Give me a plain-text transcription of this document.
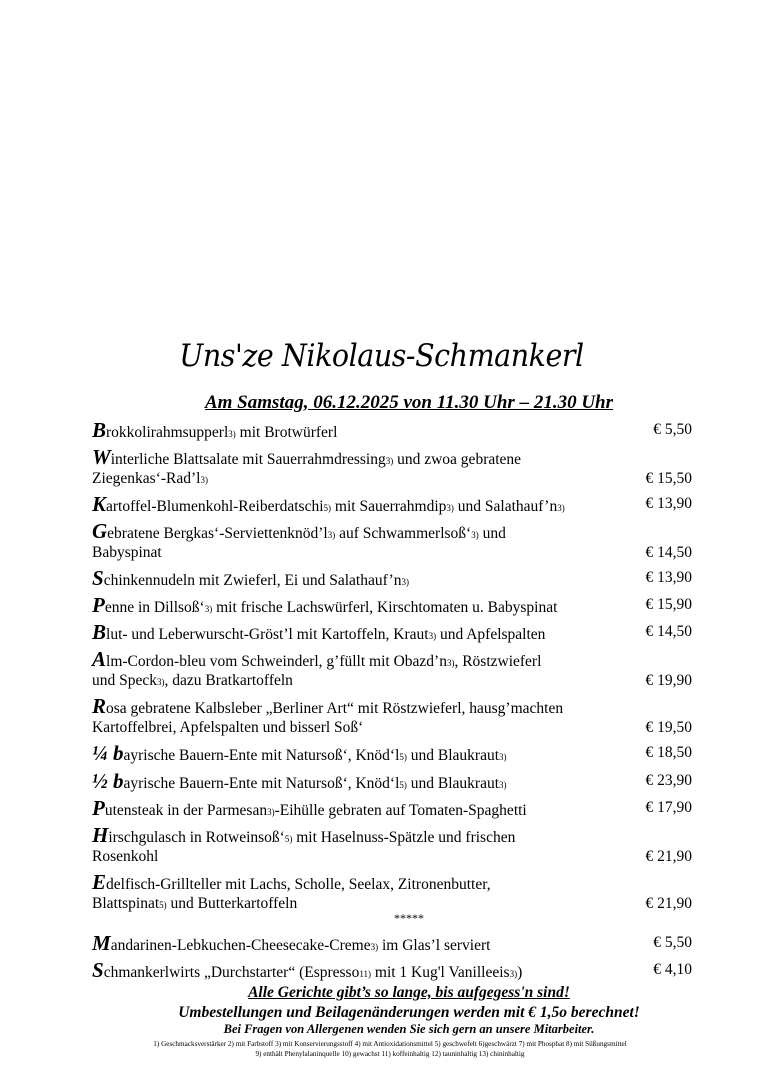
Uns'ze Nikolaus-Schmankerl
Am Samstag, 06.12.2025 von 11.30 Uhr – 21.30 Uhr
Brokkolirahmsupperl3) mit Brotwürferl	€ 5,50
Winterliche Blattsalate mit Sauerrahmdressing3) und zwoa gebratene
Ziegenkas‘-Rad’l3)	€ 15,50
Kartoffel-Blumenkohl-Reiberdatschi5) mit Sauerrahmdip3) und Salathauf’n3)	€ 13,90
Gebratene Bergkas‘-Serviettenknöd’l3) auf Schwammerlsoß‘3) und
Babyspinat	€ 14,50
Schinkennudeln mit Zwieferl, Ei und Salathauf’n3)	€ 13,90
Penne in Dillsoß‘3) mit frische Lachswürferl, Kirschtomaten u. Babyspinat	€ 15,90
Blut- und Leberwurscht-Gröst’l mit Kartoffeln, Kraut3) und Apfelspalten	€ 14,50
Alm-Cordon-bleu vom Schweinderl, g’füllt mit Obazd’n3), Röstzwieferl
und Speck3), dazu Bratkartoffeln	€ 19,90
Rosa gebratene Kalbsleber „Berliner Art“ mit Röstzwieferl, hausg’machten
Kartoffelbrei, Apfelspalten und bisserl Soß‘	€ 19,50
¼ bayrische Bauern-Ente mit Natursoß‘, Knöd‘l5) und Blaukraut3)	€ 18,50
½ bayrische Bauern-Ente mit Natursoß‘, Knöd‘l5) und Blaukraut3)	€ 23,90
Putensteak in der Parmesan3)-Eihülle gebraten auf Tomaten-Spaghetti	€ 17,90
Hirschgulasch in Rotweinsoß‘5) mit Haselnuss-Spätzle und frischen
Rosenkohl	€ 21,90
Edelfisch-Grillteller mit Lachs, Scholle, Seelax, Zitronenbutter,
Blattspinat5) und Butterkartoffeln	€ 21,90
Mandarinen-Lebkuchen-Cheesecake-Creme3) im Glas’l serviert	€ 5,50
Schmankerlwirts „Durchstarter“ (Espresso11) mit 1 Kug'l Vanilleeis3))	€ 4,10
*****
Alle Gerichte gibt’s so lange, bis aufgegess'n sind!
Umbestellungen und Beilagenänderungen werden mit € 1,5o berechnet!
Bei Fragen von Allergenen wenden Sie sich gern an unsere Mitarbeiter.
1) Geschmacksverstärker 2) mit Farbstoff 3) mit Konservierungsstoff 4) mit Antioxidationsmittel 5) geschwefelt 6)geschwärzt 7) mit Phosphat 8) mit Süßungsmittel
9) enthält Phenylalaninquelle 10) gewachst 11) koffeinhaltig 12) tauninhaltig 13) chininhaltig
